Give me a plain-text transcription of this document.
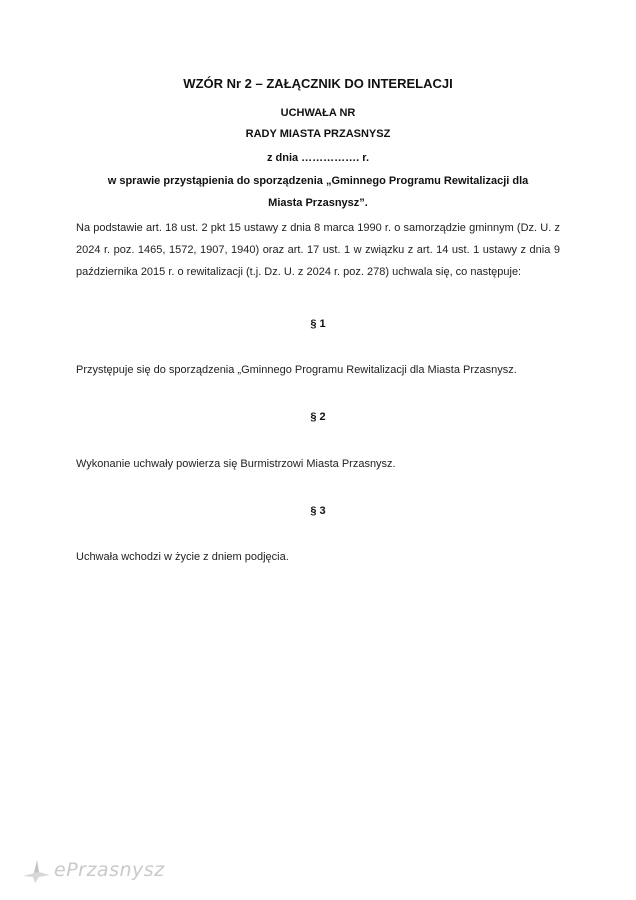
WZÓR Nr 2 – ZAŁĄCZNIK DO INTERELACJI
UCHWAŁA NR
RADY MIASTA PRZASNYSZ
z dnia ……………. r.
w sprawie przystąpienia do sporządzenia „Gminnego Programu Rewitalizacji dla
Miasta Przasnysz”.
Na podstawie art. 18 ust. 2 pkt 15 ustawy z dnia 8 marca 1990 r. o samorządzie gminnym (Dz. U. z 2024 r. poz. 1465, 1572, 1907, 1940) oraz art. 17 ust. 1 w związku z art. 14 ust. 1 ustawy z dnia 9 października 2015 r. o rewitalizacji (t.j. Dz. U. z 2024 r. poz. 278) uchwala się, co następuje:
§ 1
Przystępuje się do sporządzenia „Gminnego Programu Rewitalizacji dla Miasta Przasnysz.
§ 2
Wykonanie uchwały powierza się Burmistrzowi Miasta Przasnysz.
§ 3
Uchwała wchodzi w życie z dniem podjęcia.
ePrzasnysz
